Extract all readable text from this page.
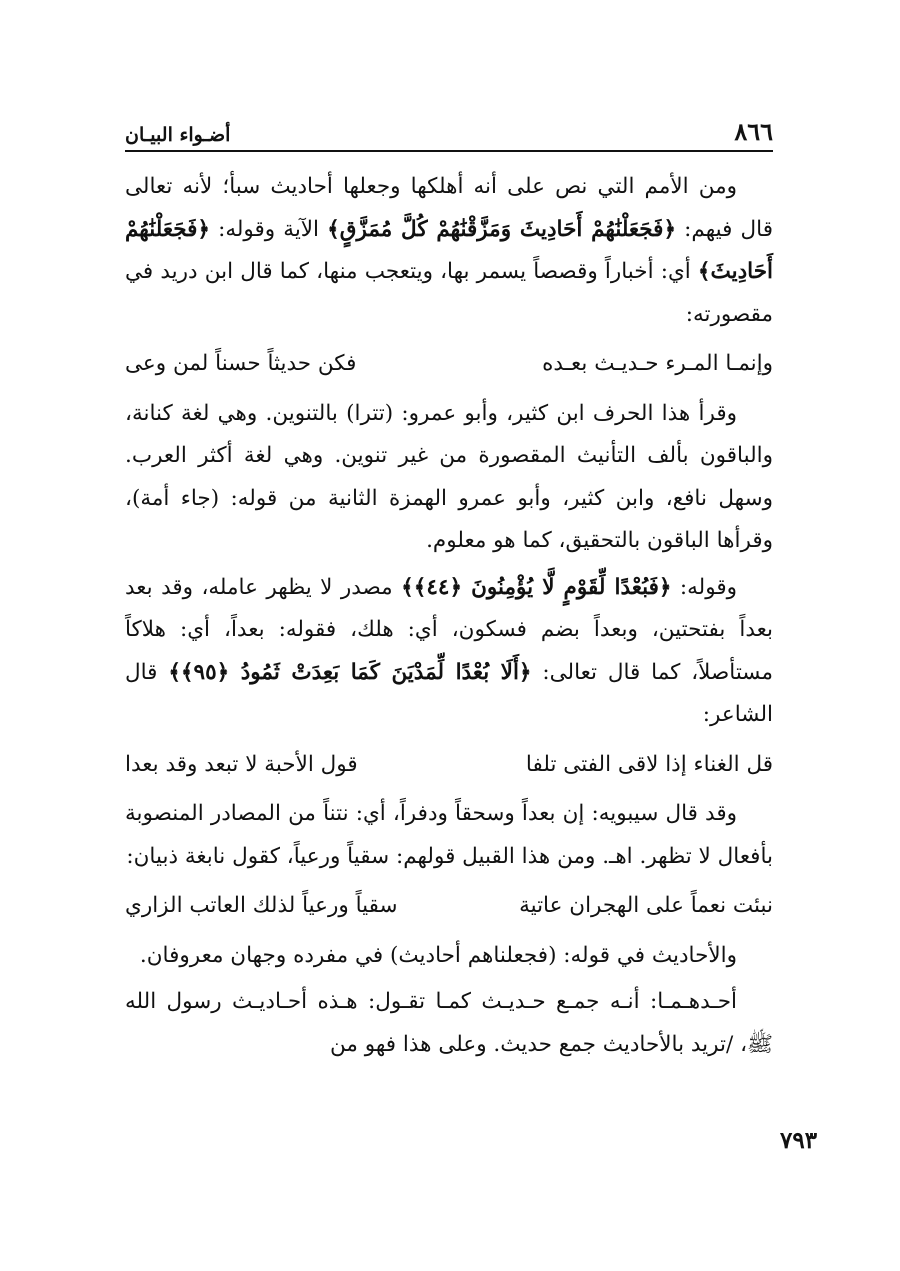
٨٦٦
أضـواء البيـان

ومن الأمم التي نص على أنه أهلكها وجعلها أحاديث سبأ؛ لأنه تعالى قال فيهم: ﴿فَجَعَلْنَٰهُمْ أَحَادِيثَ وَمَزَّقْنَٰهُمْ كُلَّ مُمَزَّقٍ﴾ الآية وقوله: ﴿فَجَعَلْنَٰهُمْ أَحَادِيثَ﴾ أي: أخباراً وقصصاً يسمر بها، ويتعجب منها، كما قال ابن دريد في مقصورته:

وإنمـا المـرء حـديـث بعـده
فكن حديثاً حسناً لمن وعى

وقرأ هذا الحرف ابن كثير، وأبو عمرو: (تترا) بالتنوين. وهي لغة كنانة، والباقون بألف التأنيث المقصورة من غير تنوين. وهي لغة أكثر العرب. وسهل نافع، وابن كثير، وأبو عمرو الهمزة الثانية من قوله: (جاء أمة)، وقرأها الباقون بالتحقيق، كما هو معلوم.

وقوله: ﴿فَبُعْدًا لِّقَوْمٍ لَّا يُؤْمِنُونَ ﴿٤٤﴾﴾ مصدر لا يظهر عامله، وقد بعد بعداً بفتحتين، وبعداً بضم فسكون، أي: هلك، فقوله: بعداً، أي: هلاكاً مستأصلاً، كما قال تعالى: ﴿أَلَا بُعْدًا لِّمَدْيَنَ كَمَا بَعِدَتْ ثَمُودُ ﴿٩٥﴾﴾ قال الشاعر:

قل الغناء إذا لاقى الفتى تلفا
قول الأحبة لا تبعد وقد بعدا

وقد قال سيبويه: إن بعداً وسحقاً ودفراً، أي: نتناً من المصادر المنصوبة بأفعال لا تظهر. اهـ. ومن هذا القبيل قولهم: سقياً ورعياً، كقول نابغة ذبيان:

نبئت نعماً على الهجران عاتية
سقياً ورعياً لذلك العاتب الزاري

والأحاديث في قوله: (فجعلناهم أحاديث) في مفرده وجهان معروفان.

أحـدهـمـا: أنـه جمـع حـديـث كمـا تقـول: هـذه أحـاديـث رسول الله ﷺ، /تريد بالأحاديث جمع حديث. وعلى هذا فهو من

٧٩٣
